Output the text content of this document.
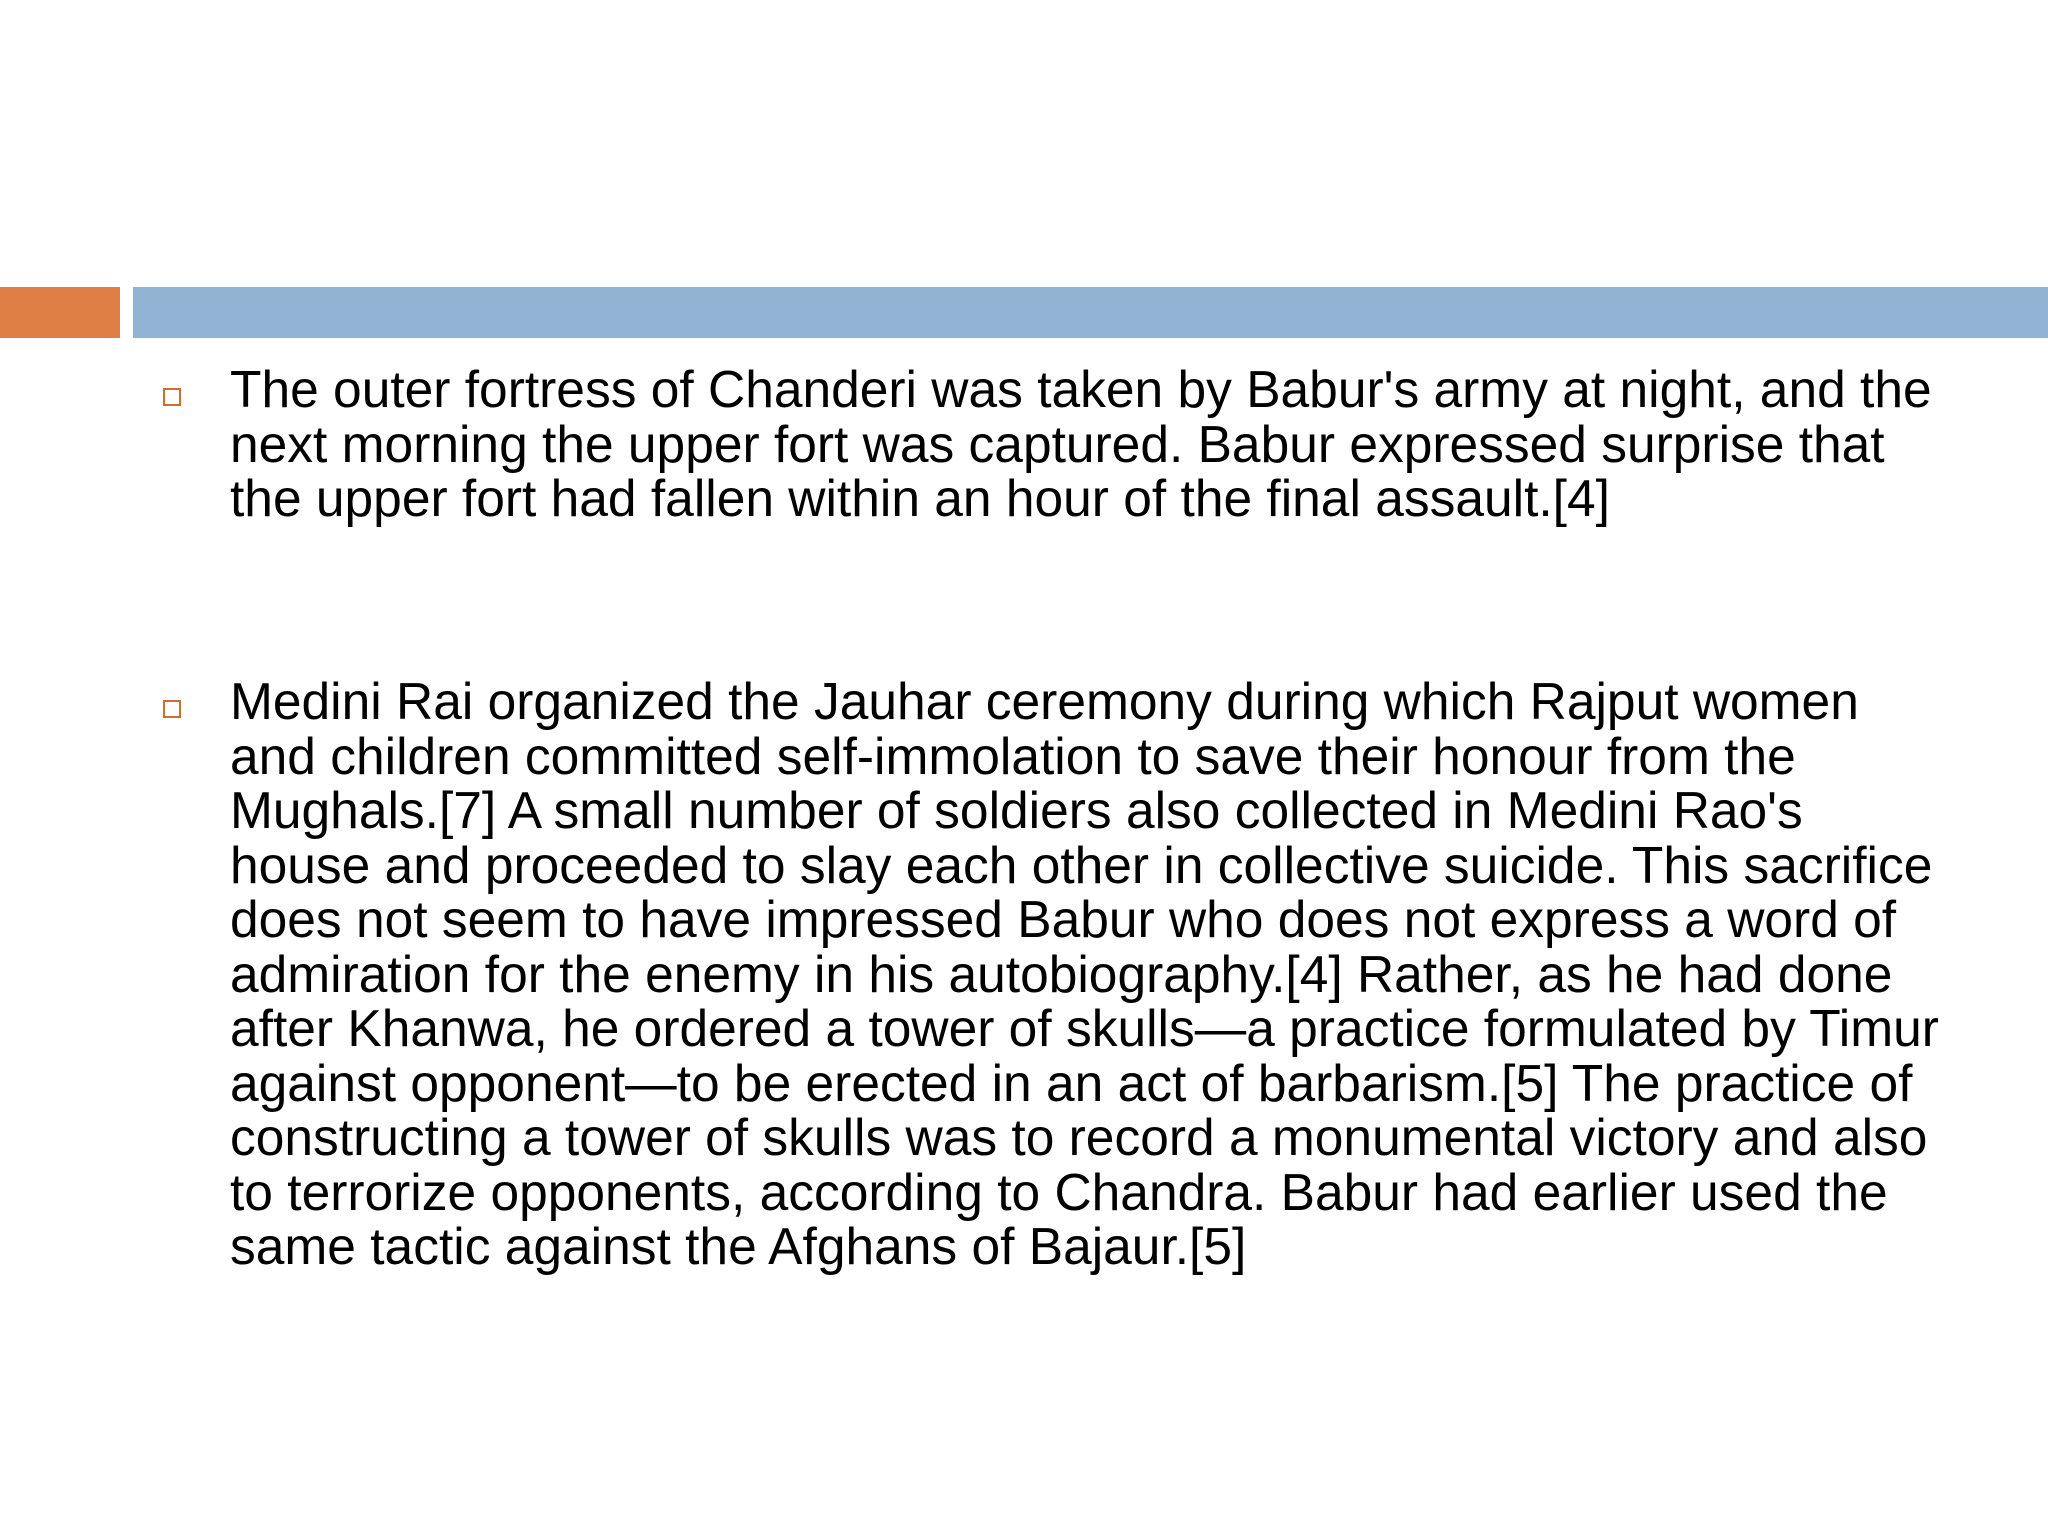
The outer fortress of Chanderi was taken by Babur's army at night, and the next morning the upper fort was captured. Babur expressed surprise that the upper fort had fallen within an hour of the final assault.[4]

Medini Rai organized the Jauhar ceremony during which Rajput women and children committed self-immolation to save their honour from the Mughals.[7] A small number of soldiers also collected in Medini Rao's house and proceeded to slay each other in collective suicide. This sacrifice does not seem to have impressed Babur who does not express a word of admiration for the enemy in his autobiography.[4] Rather, as he had done after Khanwa, he ordered a tower of skulls—a practice formulated by Timur against opponent—to be erected in an act of barbarism.[5] The practice of constructing a tower of skulls was to record a monumental victory and also to terrorize opponents, according to Chandra. Babur had earlier used the same tactic against the Afghans of Bajaur.[5]
